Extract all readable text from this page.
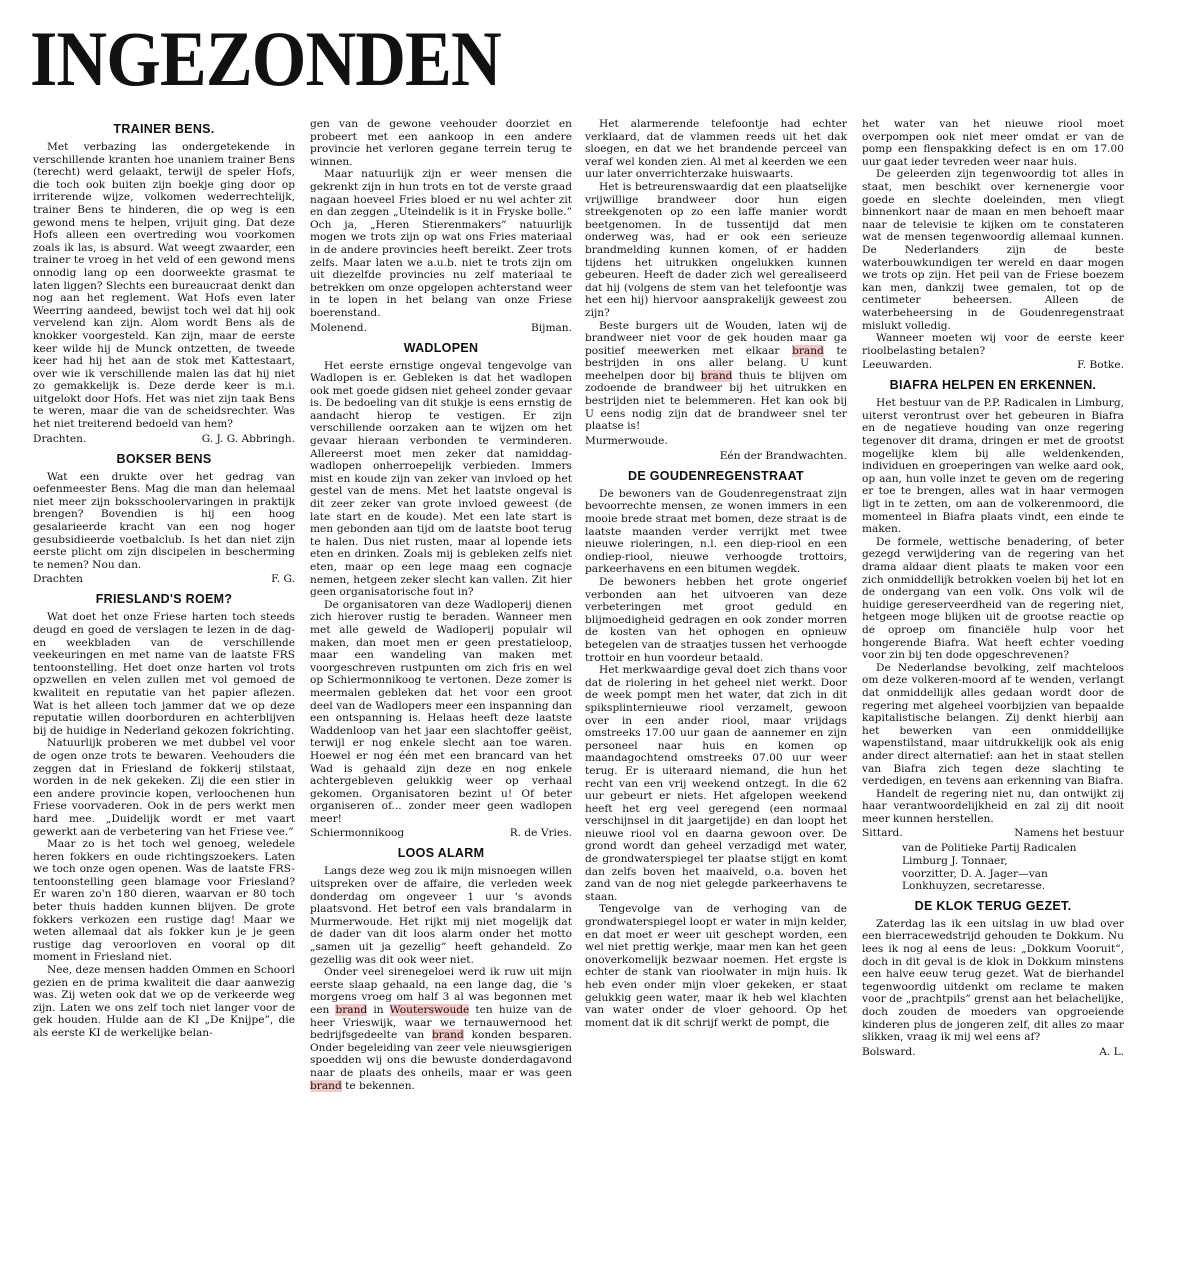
INGEZONDEN
TRAINER BENS.

Met verbazing las ondergetekende in verschillende kranten hoe unaniem trainer Bens (terecht) werd gelaakt, terwijl de speler Hofs, die toch ook buiten zijn boekje ging door op irriterende wijze, volkomen wederrechtelijk, trainer Bens te hinderen, die op weg is een gewond mens te helpen, vrijuit ging. Dat deze Hofs alleen een overtreding wou voorkomen zoals ik las, is absurd. Wat weegt zwaarder, een trainer te vroeg in het veld of een gewond mens onnodig lang op een doorweekte grasmat te laten liggen? Slechts een bureaucraat denkt dan nog aan het reglement. Wat Hofs even later Weerring aandeed, bewijst toch wel dat hij ook vervelend kan zijn. Alom wordt Bens als de knokker voorgesteld. Kan zijn, maar de eerste keer wilde hij de Munck ontzetten, de tweede keer had hij het aan de stok met Kattestaart, over wie ik verschillende malen las dat hij niet zo gemakkelijk is. Deze derde keer is m.i. uitgelokt door Hofs. Het was niet zijn taak Bens te weren, maar die van de scheidsrechter. Was het niet treiterend bedoeld van hem?

Drachten.	G. J. G. Abbringh.
BOKSER BENS

Wat een drukte over het gedrag van oefenmeester Bens. Mag die man dan helemaal niet meer zijn boksschoolervaringen in praktijk brengen? Bovendien is hij een hoog gesalarieerde kracht van een nog hoger gesubsidieerde voetbalclub. Is het dan niet zijn eerste plicht om zijn discipelen in bescherming te nemen? Nou dan.

Drachten	F. G.
FRIESLAND'S ROEM?

Wat doet het onze Friese harten toch steeds deugd en goed de verslagen te lezen in de dag- en weekbladen van de verschillende veekeuringen en met name van de laatste FRS tentoonstelling. Het doet onze harten vol trots opzwellen en velen zullen met vol gemoed de kwaliteit en reputatie van het papier aflezen. Wat is het alleen toch jammer dat we op deze reputatie willen doorborduren en achterblijven bij de huidige in Nederland gekozen fokrichting.

Natuurlijk proberen we met dubbel vel voor de ogen onze trots te bewaren. Veehouders die zeggen dat in Friesland de fokkerij stilstaat, worden in de nek gekeken. Zij die een stier in een andere provincie kopen, verloochenen hun Friese voorvaderen. Ook in de pers werkt men hard mee. „Duidelijk wordt er met vaart gewerkt aan de verbetering van het Friese vee.”

Maar zo is het toch wel genoeg, weledele heren fokkers en oude richtingszoekers. Laten we toch onze ogen openen. Was de laatste FRS-tentoonstelling geen blamage voor Friesland? Er waren zo'n 180 dieren, waarvan er 80 toch beter thuis hadden kunnen blijven. De grote fokkers verkozen een rustige dag! Maar we weten allemaal dat als fokker kun je je geen rustige dag veroorloven en vooral op dit moment in Friesland niet.

Nee, deze mensen hadden Ommen en Schoorl gezien en de prima kwaliteit die daar aanwezig was. Zij weten ook dat we op de verkeerde weg zijn. Laten we ons zelf toch niet langer voor de gek houden. Hulde aan de KI „De Knijpe”, die als eerste KI de werkelijke belan-

gen van de gewone veehouder doorziet en probeert met een aankoop in een andere provincie het verloren gegane terrein terug te winnen.

Maar natuurlijk zijn er weer mensen die gekrenkt zijn in hun trots en tot de verste graad nagaan hoeveel Fries bloed er nu wel achter zit en dan zeggen „Uteindelik is it in Fryske bolle.” Och ja, „Heren Stierenmakers” natuurlijk mogen we trots zijn op wat ons Fries materiaal in de andere provincies heeft bereikt. Zeer trots zelfs. Maar laten we a.u.b. niet te trots zijn om uit diezelfde provincies nu zelf materiaal te betrekken om onze opgelopen achterstand weer in te lopen in het belang van onze Friese boerenstand.

Molenend.	Bijman.
WADLOPEN

Het eerste ernstige ongeval tengevolge van Wadlopen is er. Gebleken is dat het wadlopen ook met goede gidsen niet geheel zonder gevaar is. De bedoeling van dit stukje is eens ernstig de aandacht hierop te vestigen. Er zijn verschillende oorzaken aan te wijzen om het gevaar hieraan verbonden te verminderen. Allereerst moet men zeker dat namiddag-wadlopen onherroepelijk verbieden. Immers mist en koude zijn van zeker van invloed op het gestel van de mens. Met het laatste ongeval is dit zeer zeker van grote invloed geweest (de late start en de koude). Met een late start is men gebonden aan tijd om de laatste boot terug te halen. Dus niet rusten, maar al lopende iets eten en drinken. Zoals mij is gebleken zelfs niet eten, maar op een lege maag een cognacje nemen, hetgeen zeker slecht kan vallen. Zit hier geen organisatorische fout in?

De organisatoren van deze Wadloperij dienen zich hierover rustig te beraden. Wanneer men met alle geweld de Wadloperij populair wil maken, dan moet men er geen prestatieloop, maar een wandeling van maken met voorgeschreven rustpunten om zich fris en wel op Schiermonnikoog te vertonen. Deze zomer is meermalen gebleken dat het voor een groot deel van de Wadlopers meer een inspanning dan een ontspanning is. Helaas heeft deze laatste Waddenloop van het jaar een slachtoffer geëist, terwijl er nog enkele slecht aan toe waren. Hoewel er nog één met een brancard van het Wad is gehaald zijn deze en nog enkele achtergebleven gelukkig weer op verhaal gekomen. Organisatoren bezint u! Of beter organiseren of... zonder meer geen wadlopen meer!

Schiermonnikoog	R. de Vries.
LOOS ALARM

Langs deze weg zou ik mijn misnoegen willen uitspreken over de affaire, die verleden week donderdag om ongeveer 1 uur 's avonds plaatsvond. Het betrof een vals brandalarm in Murmerwoude. Het rijkt mij niet mogelijk dat de dader van dit loos alarm onder het motto „samen uit ja gezellig” heeft gehandeld. Zo gezellig was dit ook weer niet.

Onder veel sirenegeloei werd ik ruw uit mijn eerste slaap gehaald, na een lange dag, die 's morgens vroeg om half 3 al was begonnen met een brand in Wouterswoude ten huize van de heer Vrieswijk, waar we ternauwernood het bedrijfsgedeelte van brand konden besparen. Onder begeleiding van zeer vele nieuwsgierigen spoedden wij ons die bewuste donderdagavond naar de plaats des onheils, maar er was geen brand te bekennen.

Het alarmerende telefoontje had echter verklaard, dat de vlammen reeds uit het dak sloegen, en dat we het brandende perceel van veraf wel konden zien. Al met al keerden we een uur later onverrichterzake huiswaarts.

Het is betreurenswaardig dat een plaatselijke vrijwillige brandweer door hun eigen streekgenoten op zo een laffe manier wordt beetgenomen. In de tussentijd dat men onderweg was, had er ook een serieuze brandmelding kunnen komen, of er hadden tijdens het uitrukken ongelukken kunnen gebeuren. Heeft de dader zich wel gerealiseerd dat hij (volgens de stem van het telefoontje was het een hij) hiervoor aansprakelijk geweest zou zijn?

Beste burgers uit de Wouden, laten wij de brandweer niet voor de gek houden maar ga positief meewerken met elkaar brand te bestrijden in ons aller belang. U kunt meehelpen door bij brand thuis te blijven om zodoende de brandweer bij het uitrukken en bestrijden niet te belemmeren. Het kan ook bij U eens nodig zijn dat de brandweer snel ter plaatse is!

Murmerwoude.
Eén der Brandwachten.
DE GOUDENREGENSTRAAT

De bewoners van de Goudenregenstraat zijn bevoorrechte mensen, ze wonen immers in een mooie brede straat met bomen, deze straat is de laatste maanden verder verrijkt met twee nieuwe rioleringen, n.l. een diep-riool en een ondiep-riool, nieuwe verhoogde trottoirs, parkeerhavens en een bitumen wegdek.

De bewoners hebben het grote ongerief verbonden aan het uitvoeren van deze verbeteringen met groot geduld en blijmoedigheid gedragen en ook zonder morren de kosten van het ophogen en opnieuw betegelen van de straatjes tussen het verhoogde trottoir en hun voordeur betaald.

Het merkwaardige geval doet zich thans voor dat de riolering in het geheel niet werkt. Door de week pompt men het water, dat zich in dit spiksplinternieuwe riool verzamelt, gewoon over in een ander riool, maar vrijdags omstreeks 17.00 uur gaan de aannemer en zijn personeel naar huis en komen op maandagochtend omstreeks 07.00 uur weer terug. Er is uiteraard niemand, die hun het recht van een vrij weekend ontzegt. In die 62 uur gebeurt er niets. Het afgelopen weekend heeft het erg veel geregend (een normaal verschijnsel in dit jaargetijde) en dan loopt het nieuwe riool vol en daarna gewoon over. De grond wordt dan geheel verzadigd met water, de grondwaterspiegel ter plaatse stijgt en komt dan zelfs boven het maaiveld, o.a. boven het zand van de nog niet gelegde parkeerhavens te staan.

Tengevolge van de verhoging van de grondwaterspiegel loopt er water in mijn kelder, en dat moet er weer uit geschept worden, een wel niet prettig werkje, maar men kan het geen onoverkomelijk bezwaar noemen. Het ergste is echter de stank van rioolwater in mijn huis. Ik heb even onder mijn vloer gekeken, er staat gelukkig geen water, maar ik heb wel klachten van water onder de vloer gehoord. Op het moment dat ik dit schrijf werkt de pompt, die

het water van het nieuwe riool moet overpompen ook niet meer omdat er van de pomp een flenspakking defect is en om 17.00 uur gaat ieder tevreden weer naar huis.

De geleerden zijn tegenwoordig tot alles in staat, men beschikt over kernenergie voor goede en slechte doeleinden, men vliegt binnenkort naar de maan en men behoeft maar naar de televisie te kijken om te constateren wat de mensen tegenwoordig allemaal kunnen. De Nederlanders zijn de beste waterbouwkundigen ter wereld en daar mogen we trots op zijn. Het peil van de Friese boezem kan men, dankzij twee gemalen, tot op de centimeter beheersen. Alleen de waterbeheersing in de Goudenregenstraat mislukt volledig.

Wanneer moeten wij voor de eerste keer rioolbelasting betalen?

Leeuwarden.	F. Botke.
BIAFRA HELPEN EN ERKENNEN.

Het bestuur van de P.P. Radicalen in Limburg, uiterst verontrust over het gebeuren in Biafra en de negatieve houding van onze regering tegenover dit drama, dringen er met de grootst mogelijke klem bij alle weldenkenden, individuen en groeperingen van welke aard ook, op aan, hun volle inzet te geven om de regering er toe te brengen, alles wat in haar vermogen ligt in te zetten, om aan de volkerenmoord, die momenteel in Biafra plaats vindt, een einde te maken.

De formele, wettische benadering, of beter gezegd verwijdering van de regering van het drama aldaar dient plaats te maken voor een zich onmiddellijk betrokken voelen bij het lot en de ondergang van een volk. Ons volk wil de huidige gereserveerdheid van de regering niet, hetgeen moge blijken uit de grootse reactie op de oproep om financiële hulp voor het hongerende Biafra. Wat heeft echter voeding voor zin bij ten dode opgeschrevenen?

De Nederlandse bevolking, zelf machteloos om deze volkeren-moord af te wenden, verlangt dat onmiddellijk alles gedaan wordt door de regering met algeheel voorbijzien van bepaalde kapitalistische belangen. Zij denkt hierbij aan het bewerken van een onmiddellijke wapenstilstand, maar uitdrukkelijk ook als enig ander direct alternatief: aan het in staat stellen van Biafra zich tegen deze slachting te verdedigen, en tevens aan erkenning van Biafra.

Handelt de regering niet nu, dan ontwijkt zij haar verantwoordelijkheid en zal zij dit nooit meer kunnen herstellen.

Sittard.	Namens het bestuur
van de Politieke Partij Radicalen Limburg J. Tonnaer,
voorzitter, D. A. Jager—van
Lonkhuyzen, secretaresse.
DE KLOK TERUG GEZET.

Zaterdag las ik een uitslag in uw blad over een bierracewedstrijd gehouden te Dokkum. Nu lees ik nog al eens de leus: „Dokkum Vooruit”, doch in dit geval is de klok in Dokkum minstens een halve eeuw terug gezet. Wat de bierhandel tegenwoordig uitdenkt om reclame te maken voor de „prachtpils” grenst aan het belachelijke, doch zouden de moeders van opgroeiende kinderen plus de jongeren zelf, dit alles zo maar slikken, vraag ik mij wel eens af?

Bolsward.	A. L.
